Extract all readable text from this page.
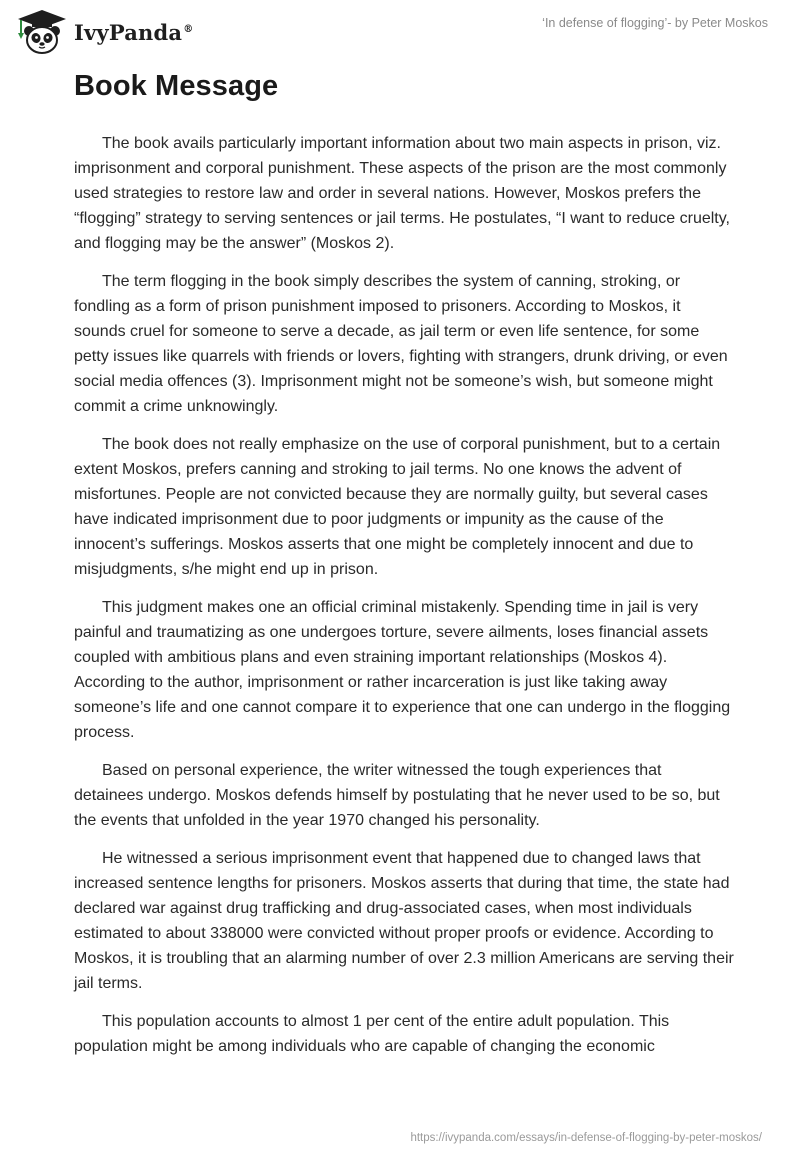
IvyPanda®	‘In defense of flogging’- by Peter Moskos
Book Message

The book avails particularly important information about two main aspects in prison, viz. imprisonment and corporal punishment. These aspects of the prison are the most commonly used strategies to restore law and order in several nations. However, Moskos prefers the “flogging” strategy to serving sentences or jail terms. He postulates, “I want to reduce cruelty, and flogging may be the answer” (Moskos 2).

The term flogging in the book simply describes the system of canning, stroking, or fondling as a form of prison punishment imposed to prisoners. According to Moskos, it sounds cruel for someone to serve a decade, as jail term or even life sentence, for some petty issues like quarrels with friends or lovers, fighting with strangers, drunk driving, or even social media offences (3). Imprisonment might not be someone’s wish, but someone might commit a crime unknowingly.

The book does not really emphasize on the use of corporal punishment, but to a certain extent Moskos, prefers canning and stroking to jail terms. No one knows the advent of misfortunes. People are not convicted because they are normally guilty, but several cases have indicated imprisonment due to poor judgments or impunity as the cause of the innocent’s sufferings. Moskos asserts that one might be completely innocent and due to misjudgments, s/he might end up in prison.

This judgment makes one an official criminal mistakenly. Spending time in jail is very painful and traumatizing as one undergoes torture, severe ailments, loses financial assets coupled with ambitious plans and even straining important relationships (Moskos 4). According to the author, imprisonment or rather incarceration is just like taking away someone’s life and one cannot compare it to experience that one can undergo in the flogging process.

Based on personal experience, the writer witnessed the tough experiences that detainees undergo. Moskos defends himself by postulating that he never used to be so, but the events that unfolded in the year 1970 changed his personality.

He witnessed a serious imprisonment event that happened due to changed laws that increased sentence lengths for prisoners. Moskos asserts that during that time, the state had declared war against drug trafficking and drug-associated cases, when most individuals estimated to about 338000 were convicted without proper proofs or evidence. According to Moskos, it is troubling that an alarming number of over 2.3 million Americans are serving their jail terms.

This population accounts to almost 1 per cent of the entire adult population. This population might be among individuals who are capable of changing the economic

https://ivypanda.com/essays/in-defense-of-flogging-by-peter-moskos/
